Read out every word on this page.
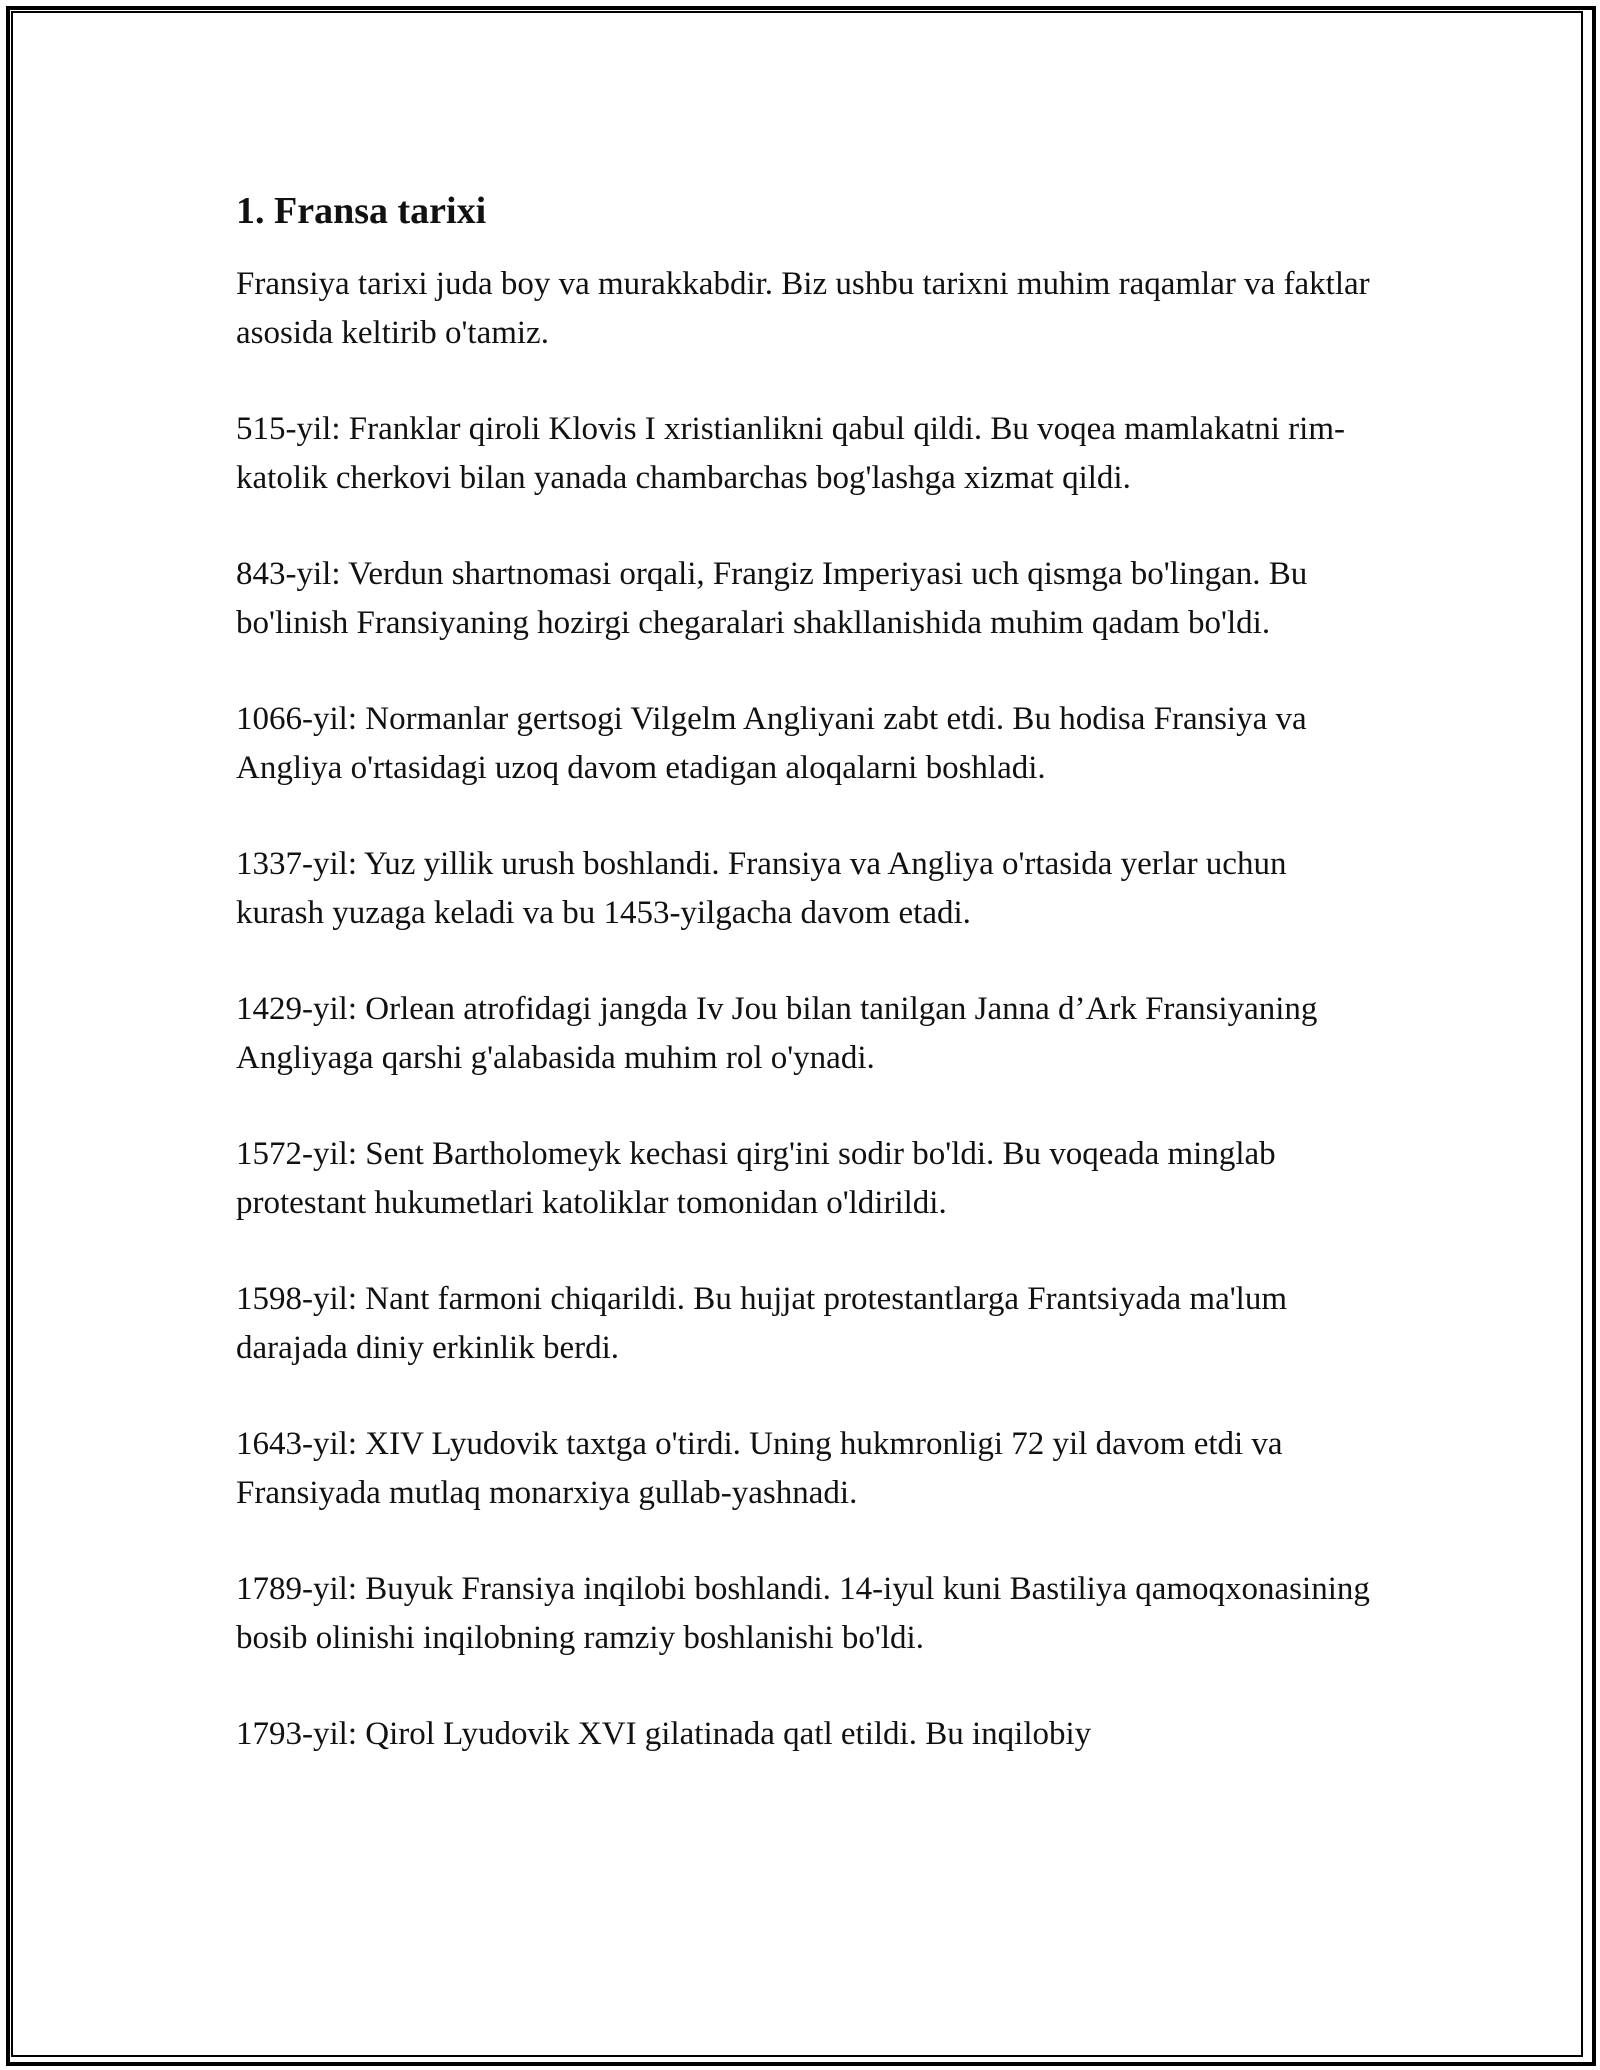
1. Fransa tarixi

Fransiya tarixi juda boy va murakkabdir. Biz ushbu tarixni muhim raqamlar va faktlar asosida keltirib o'tamiz.

515-yil: Franklar qiroli Klovis I xristianlikni qabul qildi. Bu voqea mamlakatni rim-katolik cherkovi bilan yanada chambarchas bog'lashga xizmat qildi.

843-yil: Verdun shartnomasi orqali, Frangiz Imperiyasi uch qismga bo'lingan. Bu bo'linish Fransiyaning hozirgi chegaralari shakllanishida muhim qadam bo'ldi.

1066-yil: Normanlar gertsogi Vilgelm Angliyani zabt etdi. Bu hodisa Fransiya va Angliya o'rtasidagi uzoq davom etadigan aloqalarni boshladi.

1337-yil: Yuz yillik urush boshlandi. Fransiya va Angliya o'rtasida yerlar uchun kurash yuzaga keladi va bu 1453-yilgacha davom etadi.

1429-yil: Orlean atrofidagi jangda Iv Jou bilan tanilgan Janna d’Ark Fransiyaning Angliyaga qarshi g'alabasida muhim rol o'ynadi.

1572-yil: Sent Bartholomeyk kechasi qirg'ini sodir bo'ldi. Bu voqeada minglab protestant hukumetlari katoliklar tomonidan o'ldirildi.

1598-yil: Nant farmoni chiqarildi. Bu hujjat protestantlarga Frantsiyada ma'lum darajada diniy erkinlik berdi.

1643-yil: XIV Lyudovik taxtga o'tirdi. Uning hukmronligi 72 yil davom etdi va Fransiyada mutlaq monarxiya gullab-yashnadi.

1789-yil: Buyuk Fransiya inqilobi boshlandi. 14-iyul kuni Bastiliya qamoqxonasining bosib olinishi inqilobning ramziy boshlanishi bo'ldi.

1793-yil: Qirol Lyudovik XVI gilatinada qatl etildi. Bu inqilobiy
